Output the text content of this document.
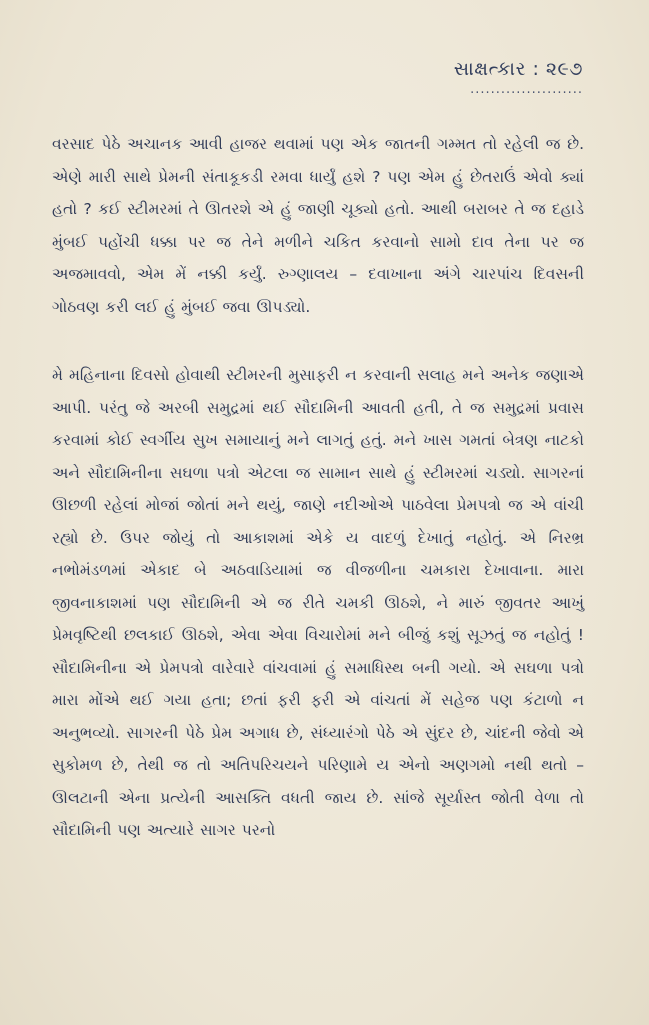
સાક્ષત્કાર : ૨૯૭
......................

વરસાદ પેઠે અચાનક આવી હાજર થવામાં પણ એક જાતની ગમ્મત તો રહેલી જ છે. એણે મારી સાથે પ્રેમની સંતાકૂકડી રમવા ધાર્યું હશે ? પણ એમ હું છેતરાઉં એવો ક્યાં હતો ? કઈ સ્ટીમરમાં તે ઊતરશે એ હું જાણી ચૂક્યો હતો. આથી બરાબર તે જ દહાડે મુંબઈ પહોંચી ધક્કા પર જ તેને મળીને ચકિત કરવાનો સામો દાવ તેના પર જ અજમાવવો, એમ મેં નક્કી કર્યું. રુગ્ણાલય – દવાખાના અંગે ચારપાંચ દિવસની ગોઠવણ કરી લઈ હું મુંબઈ જવા ઊપડ્યો.

મે મહિનાના દિવસો હોવાથી સ્ટીમરની મુસાફરી ન કરવાની સલાહ મને અનેક જણાએ આપી. પરંતુ જે અરબી સમુદ્રમાં થઈ સૌદામિની આવતી હતી, તે જ સમુદ્રમાં પ્રવાસ કરવામાં કોઈ સ્વર્ગીય સુખ સમાયાનું મને લાગતું હતું. મને ખાસ ગમતાં બેત્રણ નાટકો અને સૌદામિનીના સઘળા પત્રો એટલા જ સામાન સાથે હું સ્ટીમરમાં ચડ્યો. સાગરનાં ઊછળી રહેલાં મોજાં જોતાં મને થયું, જાણે નદીઓએ પાઠવેલા પ્રેમપત્રો જ એ વાંચી રહ્યો છે. ઉપર જોયું તો આકાશમાં એકે ય વાદળું દેખાતું નહોતું. એ નિરભ્ર નભોમંડળમાં એકાદ બે અઠવાડિયામાં જ વીજળીના ચમકારા દેખાવાના. મારા જીવનાકાશમાં પણ સૌદામિની એ જ રીતે ચમકી ઊઠશે, ને મારું જીવતર આખું પ્રેમવૃષ્ટિથી છલકાઈ ઊઠશે, એવા એવા વિચારોમાં મને બીજું કશું સૂઝતું જ નહોતું ! સૌદામિનીના એ પ્રેમપત્રો વારેવારે વાંચવામાં હું સમાધિસ્થ બની ગયો. એ સઘળા પત્રો મારા મોંએ થઈ ગયા હતા; છતાં ફરી ફરી એ વાંચતાં મેં સહેજ પણ કંટાળો ન અનુભવ્યો. સાગરની પેઠે પ્રેમ અગાધ છે, સંધ્યારંગો પેઠે એ સુંદર છે, ચાંદની જેવો એ સુકોમળ છે, તેથી જ તો અતિપરિચયને પરિણામે ય એનો અણગમો નથી થતો – ઊલટાની એના પ્રત્યેની આસક્તિ વધતી જાય છે. સાંજે સૂર્યાસ્ત જોતી વેળા તો સૌદામિની પણ અત્યારે સાગર પરનો
